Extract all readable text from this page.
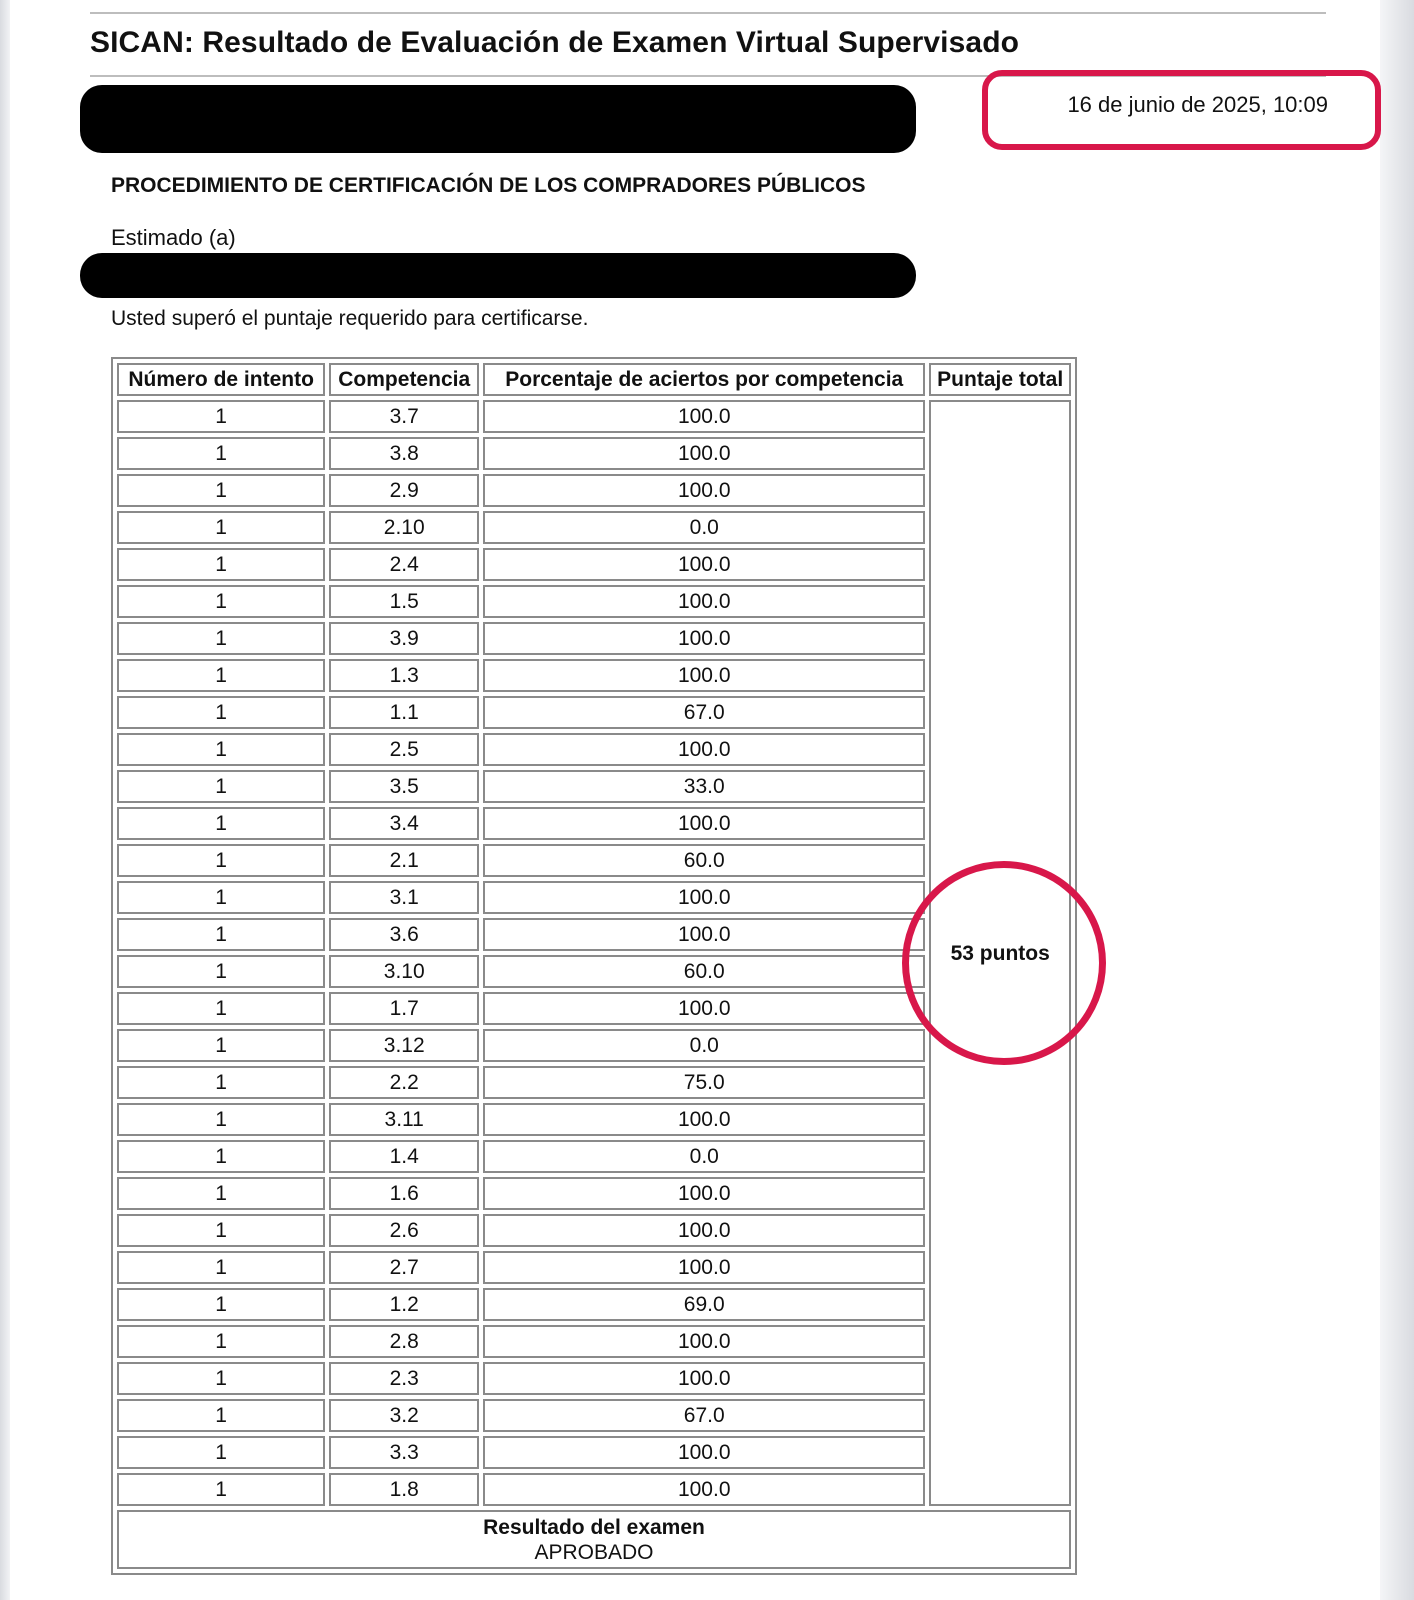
SICAN: Resultado de Evaluación de Examen Virtual Supervisado
16 de junio de 2025, 10:09
PROCEDIMIENTO DE CERTIFICACIÓN DE LOS COMPRADORES PÚBLICOS
Estimado (a)
Usted superó el puntaje requerido para certificarse.
Número de intento	Competencia	Porcentaje de aciertos por competencia	Puntaje total
1	3.7	100.0	53 puntos
1	3.8	100.0	
1	2.9	100.0	
1	2.10	0.0	
1	2.4	100.0	
1	1.5	100.0	
1	3.9	100.0	
1	1.3	100.0	
1	1.1	67.0	
1	2.5	100.0	
1	3.5	33.0	
1	3.4	100.0	
1	2.1	60.0	
1	3.1	100.0	
1	3.6	100.0	
1	3.10	60.0	
1	1.7	100.0	
1	3.12	0.0	
1	2.2	75.0	
1	3.11	100.0	
1	1.4	0.0	
1	1.6	100.0	
1	2.6	100.0	
1	2.7	100.0	
1	1.2	69.0	
1	2.8	100.0	
1	2.3	100.0	
1	3.2	67.0	
1	3.3	100.0	
1	1.8	100.0	

Resultado del examen
APROBADO			
